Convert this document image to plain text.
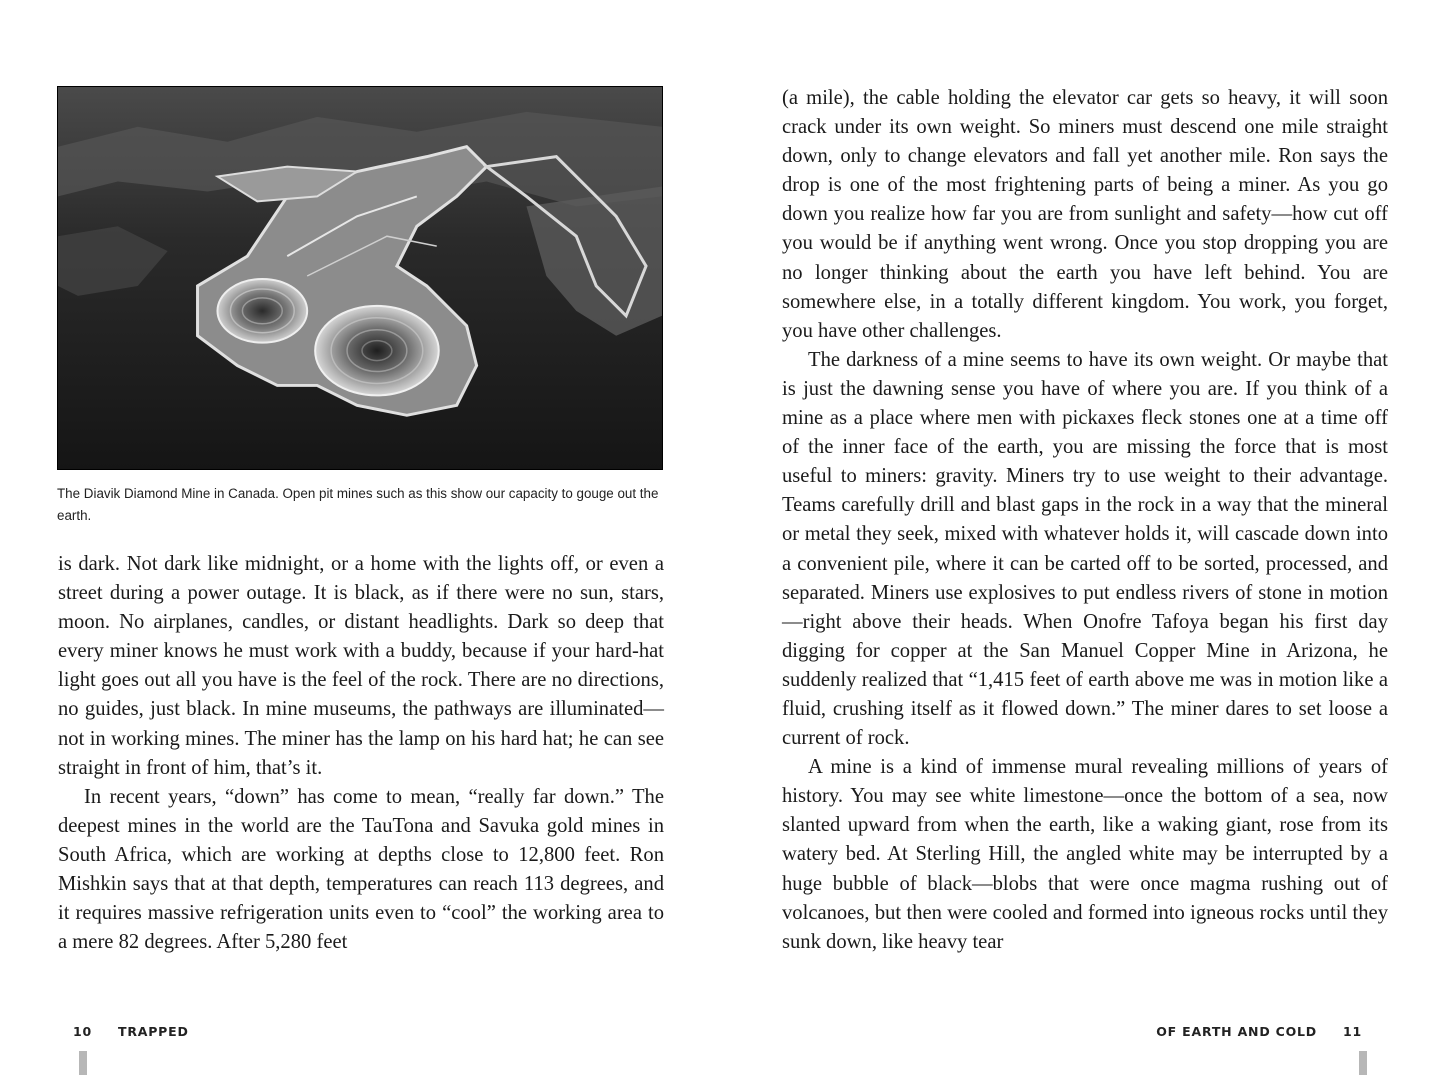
The Diavik Diamond Mine in Canada. Open pit mines such as this show our capacity to gouge out the earth.

is dark. Not dark like midnight, or a home with the lights off, or even a street during a power outage. It is black, as if there were no sun, stars, moon. No airplanes, candles, or distant headlights. Dark so deep that every miner knows he must work with a buddy, because if your hard-hat light goes out all you have is the feel of the rock. There are no directions, no guides, just black. In mine museums, the pathways are illuminated—not in working mines. The miner has the lamp on his hard hat; he can see straight in front of him, that’s it.

In recent years, “down” has come to mean, “really far down.” The deepest mines in the world are the TauTona and Savuka gold mines in South Africa, which are working at depths close to 12,800 feet. Ron Mishkin says that at that depth, temperatures can reach 113 degrees, and it requires massive refrigeration units even to “cool” the working area to a mere 82 degrees. After 5,280 feet

(a mile), the cable holding the elevator car gets so heavy, it will soon crack under its own weight. So miners must descend one mile straight down, only to change elevators and fall yet another mile. Ron says the drop is one of the most frightening parts of being a miner. As you go down you realize how far you are from sunlight and safety—how cut off you would be if anything went wrong. Once you stop dropping you are no longer thinking about the earth you have left behind. You are somewhere else, in a totally different kingdom. You work, you forget, you have other challenges.

The darkness of a mine seems to have its own weight. Or maybe that is just the dawning sense you have of where you are. If you think of a mine as a place where men with pickaxes fleck stones one at a time off of the inner face of the earth, you are missing the force that is most useful to miners: gravity. Miners try to use weight to their advantage. Teams carefully drill and blast gaps in the rock in a way that the mineral or metal they seek, mixed with whatever holds it, will cascade down into a convenient pile, where it can be carted off to be sorted, processed, and separated. Miners use explosives to put endless rivers of stone in motion—right above their heads. When Onofre Tafoya began his first day digging for copper at the San Manuel Copper Mine in Arizona, he suddenly realized that “1,415 feet of earth above me was in motion like a fluid, crushing itself as it flowed down.” The miner dares to set loose a current of rock.

A mine is a kind of immense mural revealing millions of years of history. You may see white limestone—once the bottom of a sea, now slanted upward from when the earth, like a waking giant, rose from its watery bed. At Sterling Hill, the angled white may be interrupted by a huge bubble of black—blobs that were once magma rushing out of volcanoes, but then were cooled and formed into igneous rocks until they sunk down, like heavy tear

10 TRAPPED	OF EARTH AND COLD 11
